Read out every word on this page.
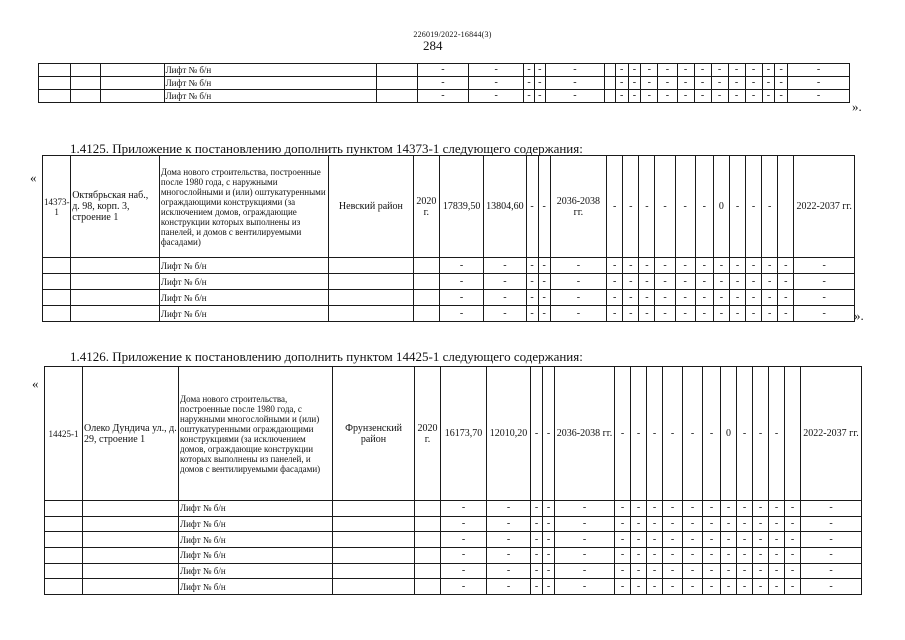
226019/2022-16844(3)
284
			Лифт № б/н		-	-	-	-	-		-	-	-	-	-	-	-	-	-	-	-	-
			Лифт № б/н		-	-	-	-	-		-	-	-	-	-	-	-	-	-	-	-	-
			Лифт № б/н		-	-	-	-	-		-	-	-	-	-	-	-	-	-	-	-	-
».
1.4125. Приложение к постановлению дополнить пунктом 14373-1 следующего содержания:
«
14373-1	Октябрьская наб., д. 98, корп. 3, строение 1	Дома нового строительства, построенные после 1980 года, с наружными многослойными и (или) оштукатуренными ограждающими конструкциями (за исключением домов, ограждающие конструкции которых выполнены из панелей, и домов с вентилируемыми фасадами)	Невский район	2020 г.	17839,50	13804,60	-	-	2036-2038 гг.	-	-	-	-	-	-	0	-	-	-		2022-2037 гг.
		Лифт № б/н			-	-	-	-	-	-	-	-	-	-	-	-	-	-	-	-	-
		Лифт № б/н			-	-	-	-	-	-	-	-	-	-	-	-	-	-	-	-	-
		Лифт № б/н			-	-	-	-	-	-	-	-	-	-	-	-	-	-	-	-	-
		Лифт № б/н			-	-	-	-	-	-	-	-	-	-	-	-	-	-	-	-	- ».
1.4126. Приложение к постановлению дополнить пунктом 14425-1 следующего содержания:
«
14425-1	Олеко Дундича ул., д. 29, строение 1	Дома нового строительства, построенные после 1980 года, с наружными многослойными и (или) оштукатуренными ограждающими конструкциями (за исключением домов, ограждающие конструкции которых выполнены из панелей, и домов с вентилируемыми фасадами)	Фрунзенский район	2020 г.	16173,70	12010,20	-	-	2036-2038 гг.	-	-	-	-	-	-	0	-	-	-		2022-2037 гг.
		Лифт № б/н			-	-	-	-	-	-	-	-	-	-	-	-	-	-	-	-	-
		Лифт № б/н			-	-	-	-	-	-	-	-	-	-	-	-	-	-	-	-	-
		Лифт № б/н			-	-	-	-	-	-	-	-	-	-	-	-	-	-	-	-	-
		Лифт № б/н			-	-	-	-	-	-	-	-	-	-	-	-	-	-	-	-	-
		Лифт № б/н			-	-	-	-	-	-	-	-	-	-	-	-	-	-	-	-	-
		Лифт № б/н			-	-	-	-	-	-	-	-	-	-	-	-	-	-	-	-	-
